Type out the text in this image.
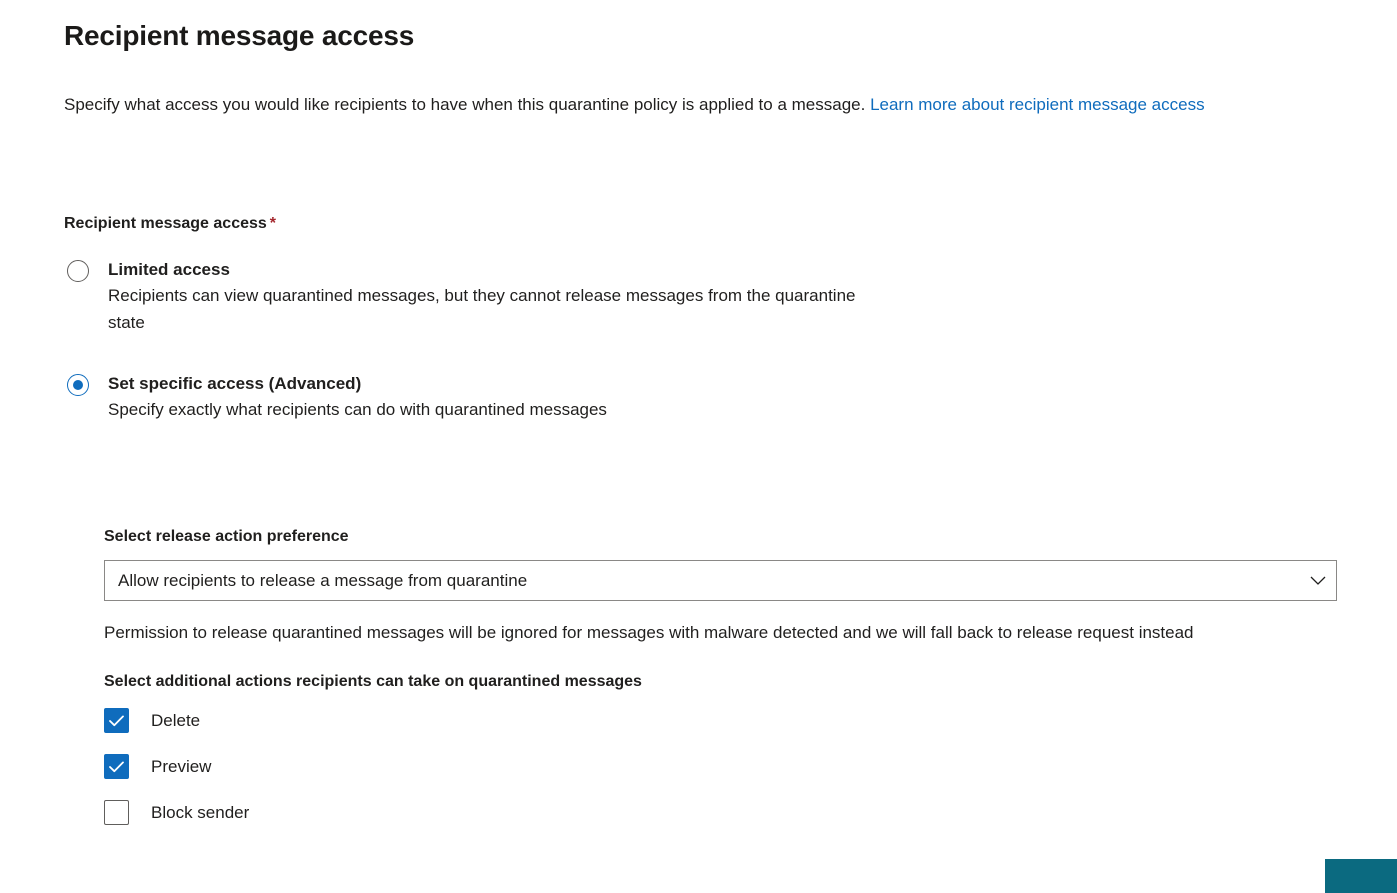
Recipient message access
Specify what access you would like recipients to have when this quarantine policy is applied to a message. Learn more about recipient message access
Recipient message access *
Limited access
Recipients can view quarantined messages, but they cannot release messages from the quarantine state
Set specific access (Advanced)
Specify exactly what recipients can do with quarantined messages
Select release action preference
Allow recipients to release a message from quarantine
Permission to release quarantined messages will be ignored for messages with malware detected and we will fall back to release request instead
Select additional actions recipients can take on quarantined messages
Delete
Preview
Block sender
